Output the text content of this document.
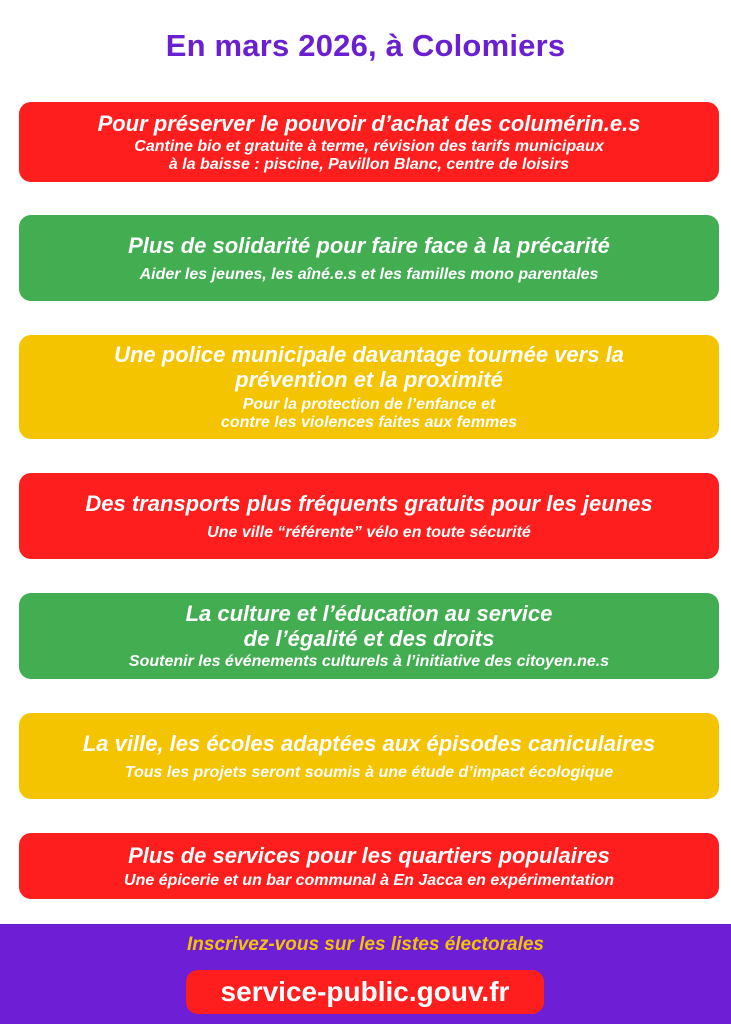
En mars 2026, à Colomiers
Pour préserver le pouvoir d’achat des columérin.e.s
Cantine bio et gratuite à terme, révision des tarifs municipaux
à la baisse : piscine, Pavillon Blanc, centre de loisirs
Plus de solidarité pour faire face à la précarité
Aider les jeunes, les aîné.e.s et les familles mono parentales
Une police municipale davantage tournée vers la
prévention et la proximité
Pour la protection de l’enfance et
contre les violences faites aux femmes
Des transports plus fréquents gratuits pour les jeunes
Une ville “référente” vélo en toute sécurité
La culture et l’éducation au service
de l’égalité et des droits
Soutenir les événements culturels à l’initiative des citoyen.ne.s
La ville, les écoles adaptées aux épisodes caniculaires
Tous les projets seront soumis à une étude d’impact écologique
Plus de services pour les quartiers populaires
Une épicerie et un bar communal à En Jacca en expérimentation
Inscrivez-vous sur les listes électorales
service-public.gouv.fr
